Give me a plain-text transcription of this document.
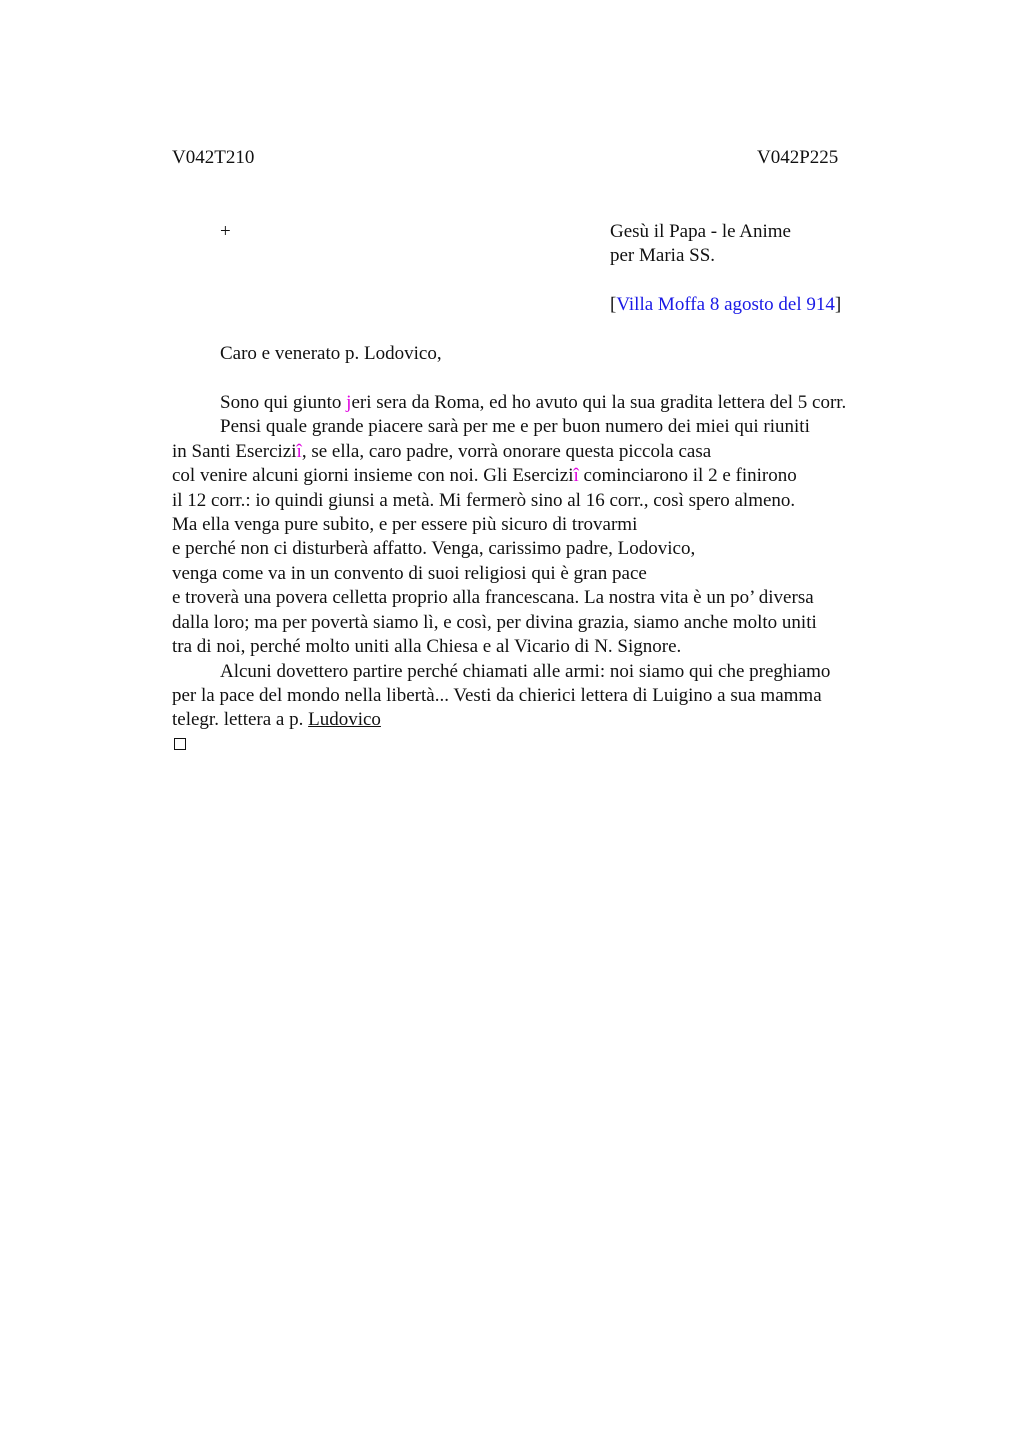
V042T210	V042P225
+	Gesù il Papa - le Anime
per Maria SS.
[Villa Moffa 8 agosto del 914]
Caro e venerato p. Lodovico,
Sono qui giunto jeri sera da Roma, ed ho avuto qui la sua gradita lettera del 5 corr.
Pensi quale grande piacere sarà per me e per buon numero dei miei qui riuniti
in Santi Eserciziî, se ella, caro padre, vorrà onorare questa piccola casa
col venire alcuni giorni insieme con noi. Gli Eserciziî cominciarono il 2 e finirono
il 12 corr.: io quindi giunsi a metà. Mi fermerò sino al 16 corr., così spero almeno.
Ma ella venga pure subito, e per essere più sicuro di trovarmi
e perché non ci disturberà affatto. Venga, carissimo padre, Lodovico,
venga come va in un convento di suoi religiosi qui è gran pace
e troverà una povera celletta proprio alla francescana. La nostra vita è un po’ diversa
dalla loro; ma per povertà siamo lì, e così, per divina grazia, siamo anche molto uniti
tra di noi, perché molto uniti alla Chiesa e al Vicario di N. Signore.
Alcuni dovettero partire perché chiamati alle armi: noi siamo qui che preghiamo
per la pace del mondo nella libertà... Vesti da chierici lettera di Luigino a sua mamma
telegr. lettera a p. Ludovico
